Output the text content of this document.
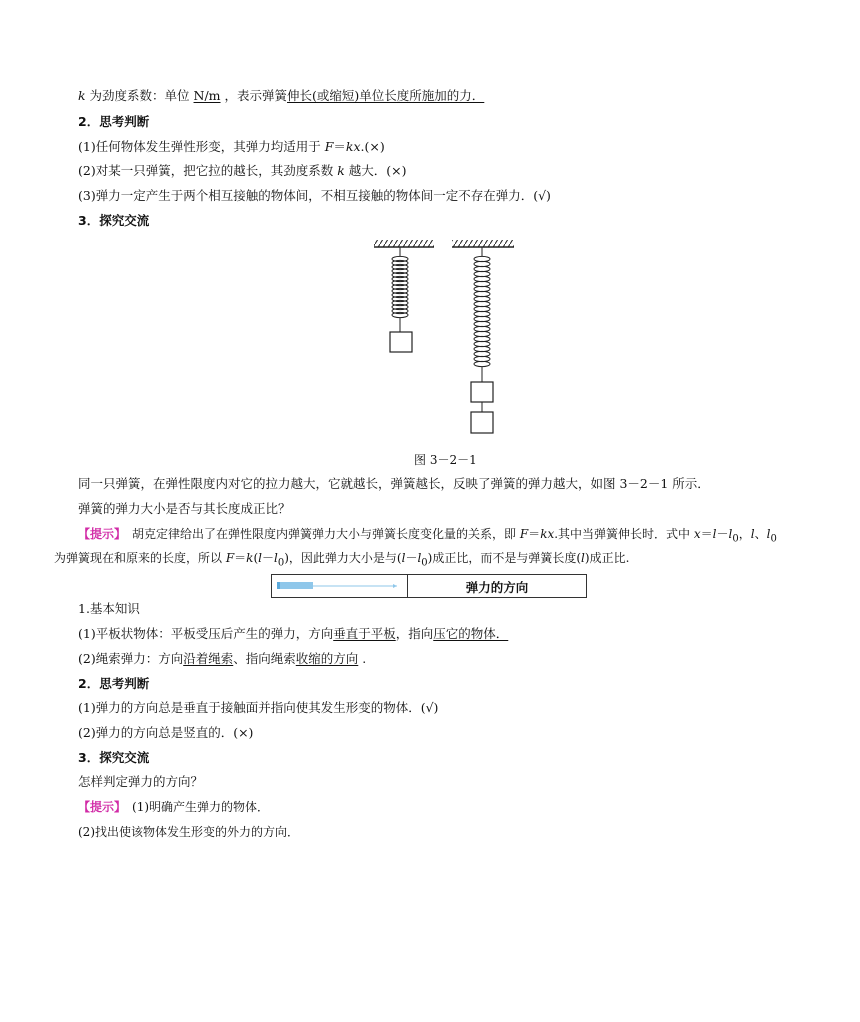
k 为劲度系数：单位 N/m ，表示弹簧伸长(或缩短)单位长度所施加的力．
2．思考判断
(1)任何物体发生弹性形变，其弹力均适用于 F＝kx.(×)
(2)对某一只弹簧，把它拉的越长，其劲度系数 k 越大．(×)
(3)弹力一定产生于两个相互接触的物体间，不相互接触的物体间一定不存在弹力．(√)
3．探究交流
图 3－2－1
同一只弹簧，在弹性限度内对它的拉力越大，它就越长，弹簧越长，反映了弹簧的弹力越大，如图 3－2－1 所示．
弹簧的弹力大小是否与其长度成正比？
【提示】　胡克定律给出了在弹性限度内弹簧弹力大小与弹簧长度变化量的关系，即 F＝kx.其中当弹簧伸长时．式中 $x=l-l_0$，l、$l_0$
为弹簧现在和原来的长度，所以 $F=k(l-l_0)$，因此弹力大小是与$(l-l_0)$成正比，而不是与弹簧长度(l)成正比.
弹力的方向
1.基本知识
(1)平板状物体：平板受压后产生的弹力，方向垂直于平板，指向压它的物体．
(2)绳索弹力：方向沿着绳索、指向绳索收缩的方向 .
2．思考判断
(1)弹力的方向总是垂直于接触面并指向使其发生形变的物体．(√)
(2)弹力的方向总是竖直的．(×)
3．探究交流
怎样判定弹力的方向？
【提示】　(1)明确产生弹力的物体．
(2)找出使该物体发生形变的外力的方向．
